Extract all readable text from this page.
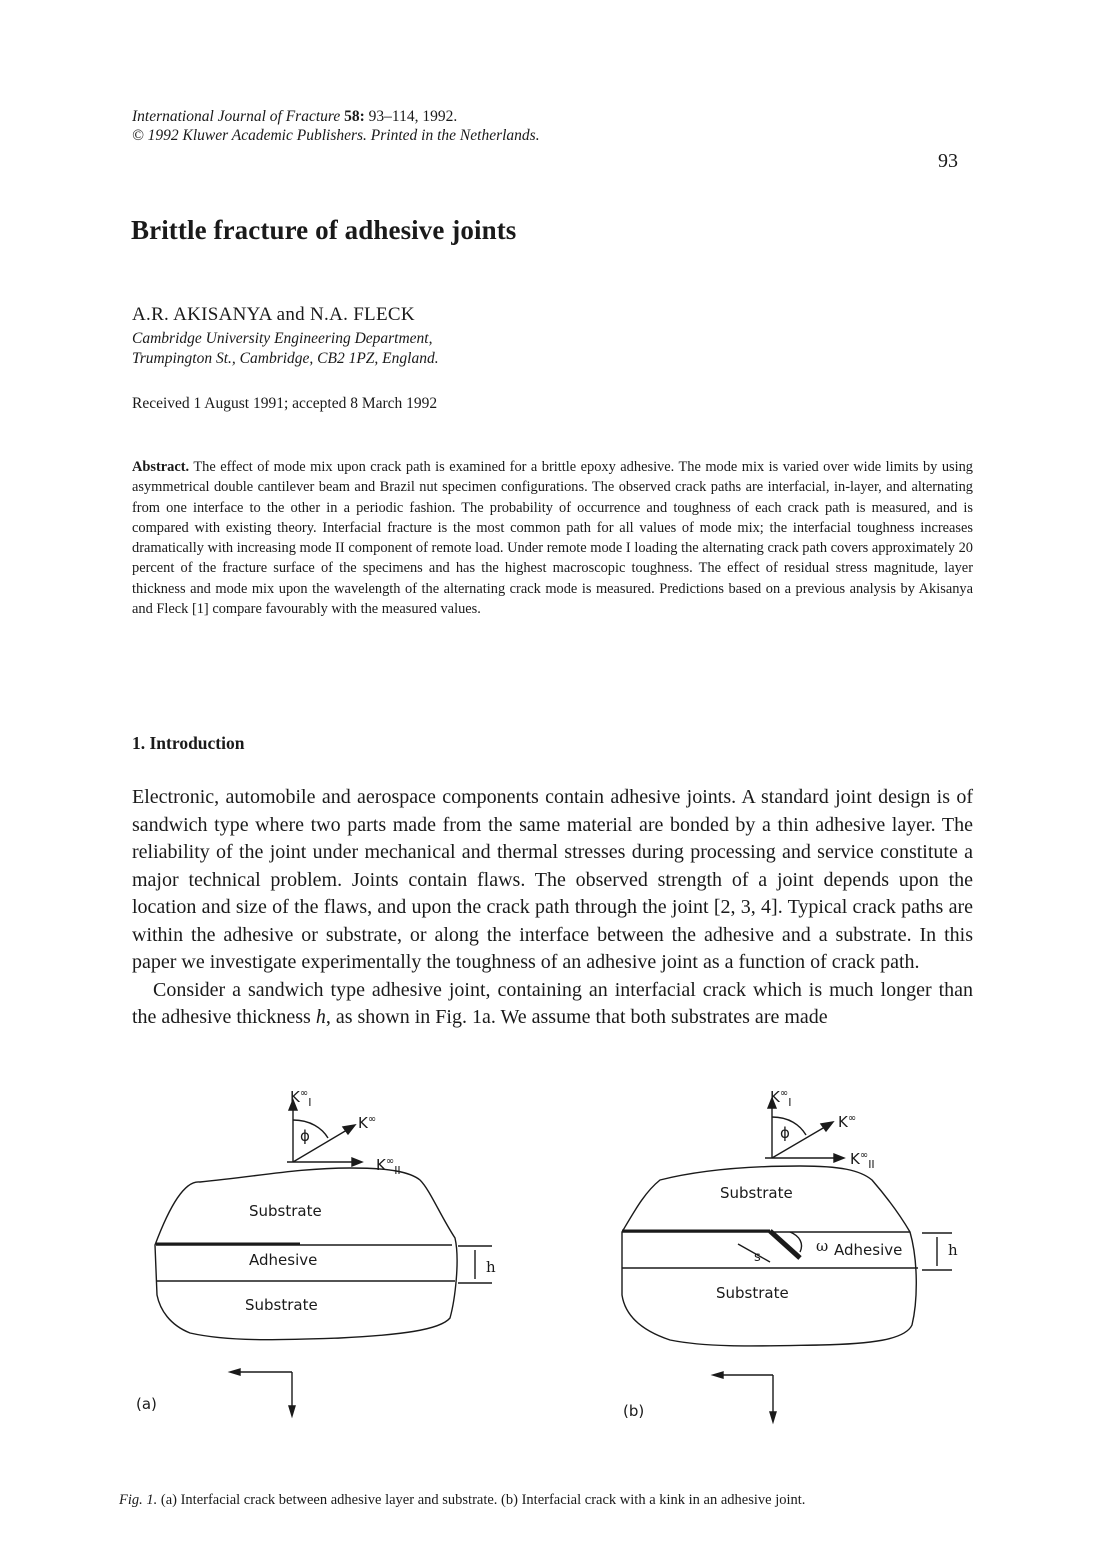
International Journal of Fracture 58: 93–114, 1992.
© 1992 Kluwer Academic Publishers. Printed in the Netherlands.
93
Brittle fracture of adhesive joints
A.R. AKISANYA and N.A. FLECK
Cambridge University Engineering Department,
Trumpington St., Cambridge, CB2 1PZ, England.
Received 1 August 1991; accepted 8 March 1992
Abstract. The effect of mode mix upon crack path is examined for a brittle epoxy adhesive. The mode mix is varied over wide limits by using asymmetrical double cantilever beam and Brazil nut specimen configurations. The observed crack paths are interfacial, in-layer, and alternating from one interface to the other in a periodic fashion. The probability of occurrence and toughness of each crack path is measured, and is compared with existing theory. Interfacial fracture is the most common path for all values of mode mix; the interfacial toughness increases dramatically with increasing mode II component of remote load. Under remote mode I loading the alternating crack path covers approximately 20 percent of the fracture surface of the specimens and has the highest macroscopic toughness. The effect of residual stress magnitude, layer thickness and mode mix upon the wavelength of the alternating crack mode is measured. Predictions based on a previous analysis by Akisanya and Fleck [1] compare favourably with the measured values.
1. Introduction

Electronic, automobile and aerospace components contain adhesive joints. A standard joint design is of sandwich type where two parts made from the same material are bonded by a thin adhesive layer. The reliability of the joint under mechanical and thermal stresses during processing and service constitute a major technical problem. Joints contain flaws. The observed strength of a joint depends upon the location and size of the flaws, and upon the crack path through the joint [2, 3, 4]. Typical crack paths are within the adhesive or substrate, or along the interface between the adhesive and a substrate. In this paper we investigate experimentally the toughness of an adhesive joint as a function of crack path.

Consider a sandwich type adhesive joint, containing an interfacial crack which is much longer than the adhesive thickness h, as shown in Fig. 1a. We assume that both substrates are made

$K^\infty_I$
K∞
ϕ
$K^\infty_{II}$
Substrate
Adhesive
Substrate
h
(a)
$K^\infty_I$
K∞
ϕ
$K^\infty_{II}$
Substrate
ω
s	Adhesive
Substrate
h
(b)
Fig. 1. (a) Interfacial crack between adhesive layer and substrate. (b) Interfacial crack with a kink in an adhesive joint.
